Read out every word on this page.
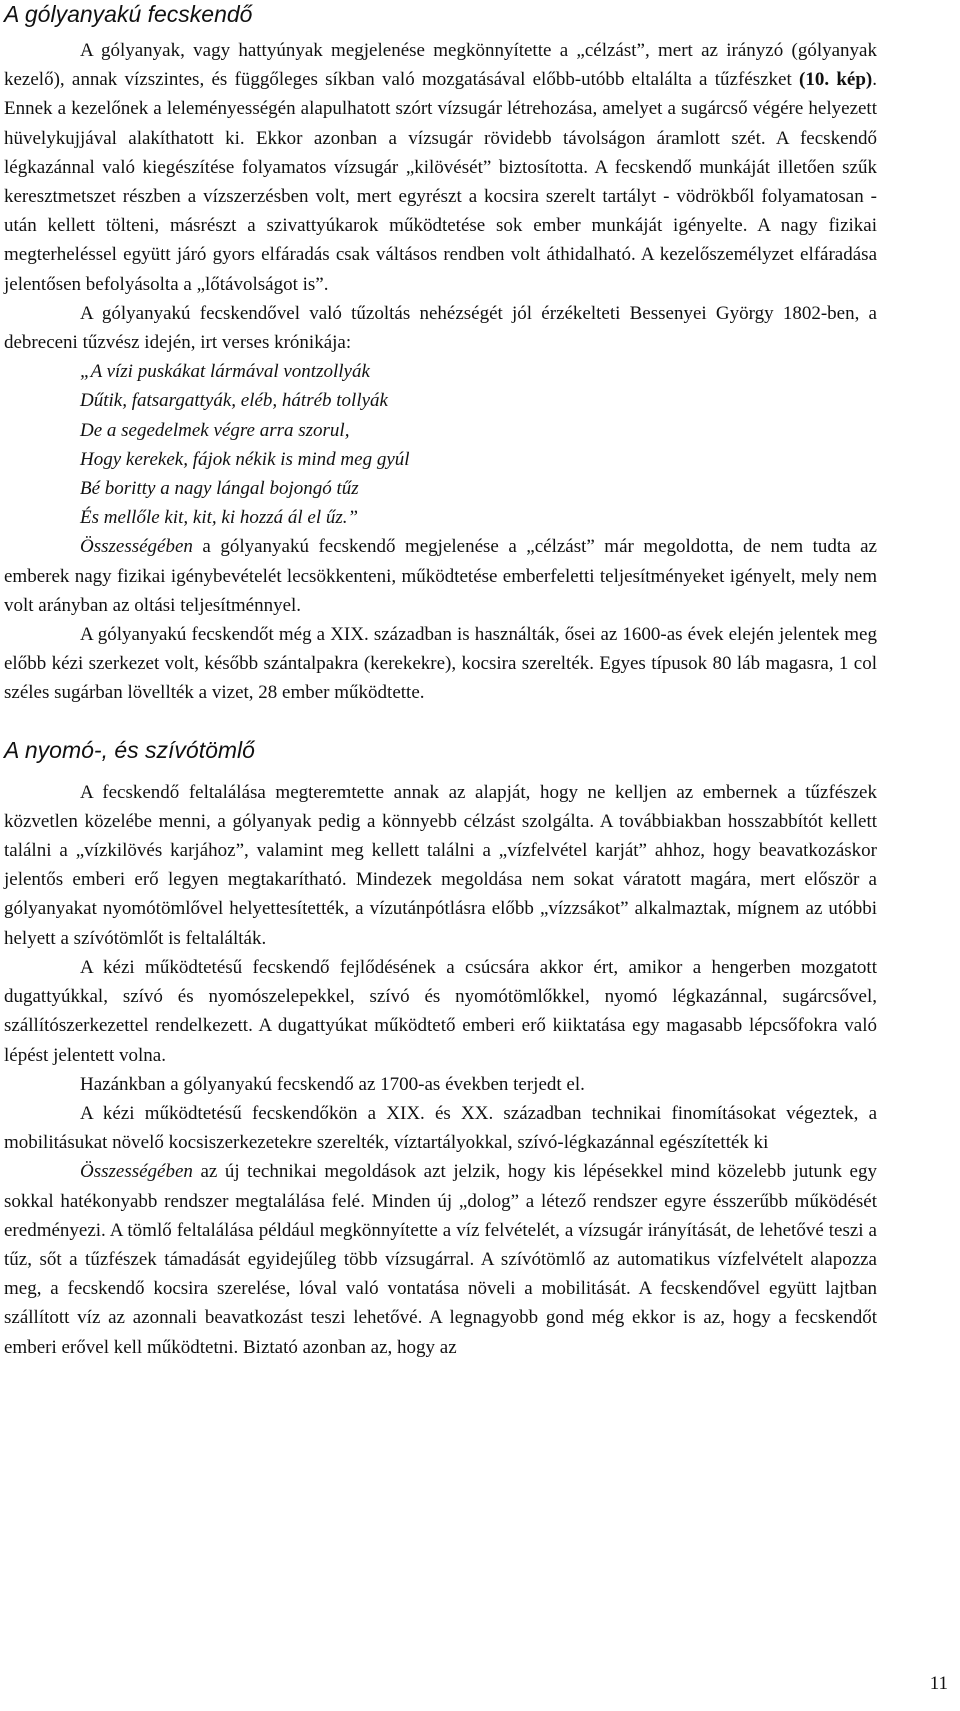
A gólyanyakú fecskendő

A gólyanyak, vagy hattyúnyak megjelenése megkönnyítette a „célzást”, mert az irányzó (gólyanyak kezelő), annak vízszintes, és függőleges síkban való mozgatásával előbb-utóbb eltalálta a tűzfészket (10. kép). Ennek a kezelőnek a leleményességén alapulhatott szórt vízsugár létrehozása, amelyet a sugárcső végére helyezett hüvelykujjával alakíthatott ki. Ekkor azonban a vízsugár rövidebb távolságon áramlott szét. A fecskendő légkazánnal való kiegészítése folyamatos vízsugár „kilövését” biztosította. A fecskendő munkáját illetően szűk keresztmetszet részben a vízszerzésben volt, mert egyrészt a kocsira szerelt tartályt - vödrökből folyamatosan - után kellett tölteni, másrészt a szivattyúkarok működtetése sok ember munkáját igényelte. A nagy fizikai megterheléssel együtt járó gyors elfáradás csak váltásos rendben volt áthidalható. A kezelőszemélyzet elfáradása jelentősen befolyásolta a „lőtávolságot is”.

A gólyanyakú fecskendővel való tűzoltás nehézségét jól érzékelteti Bessenyei György 1802-ben, a debreceni tűzvész idején, irt verses krónikája:

„A vízi puskákat lármával vontzollyák
Dűtik, fatsargattyák, eléb, hátréb tollyák
De a segedelmek végre arra szorul,
Hogy kerekek, fájok nékik is mind meg gyúl
Bé boritty a nagy lángal bojongó tűz
És mellőle kit, kit, ki hozzá ál el űz.”

Összességében a gólyanyakú fecskendő megjelenése a „célzást” már megoldotta, de nem tudta az emberek nagy fizikai igénybevételét lecsökkenteni, működtetése emberfeletti teljesítményeket igényelt, mely nem volt arányban az oltási teljesítménnyel.

A gólyanyakú fecskendőt még a XIX. században is használták, ősei az 1600-as évek elején jelentek meg előbb kézi szerkezet volt, később szántalpakra (kerekekre), kocsira szerelték. Egyes típusok 80 láb magasra, 1 col széles sugárban lövellték a vizet, 28 ember működtette.

A nyomó-, és szívótömlő

A fecskendő feltalálása megteremtette annak az alapját, hogy ne kelljen az embernek a tűzfészek közvetlen közelébe menni, a gólyanyak pedig a könnyebb célzást szolgálta. A továbbiakban hosszabbítót kellett találni a „vízkilövés karjához”, valamint meg kellett találni a „vízfelvétel karját” ahhoz, hogy beavatkozáskor jelentős emberi erő legyen megtakarítható. Mindezek megoldása nem sokat váratott magára, mert először a gólyanyakat nyomótömlővel helyettesítették, a vízutánpótlásra előbb „vízzsákot” alkalmaztak, mígnem az utóbbi helyett a szívótömlőt is feltalálták.

A kézi működtetésű fecskendő fejlődésének a csúcsára akkor ért, amikor a hengerben mozgatott dugattyúkkal, szívó és nyomószelepekkel, szívó és nyomótömlőkkel, nyomó légkazánnal, sugárcsővel, szállítószerkezettel rendelkezett. A dugattyúkat működtető emberi erő kiiktatása egy magasabb lépcsőfokra való lépést jelentett volna.

Hazánkban a gólyanyakú fecskendő az 1700-as években terjedt el.

A kézi működtetésű fecskendőkön a XIX. és XX. században technikai finomításokat végeztek, a mobilitásukat növelő kocsiszerkezetekre szerelték, víztartályokkal, szívó-légkazánnal egészítették ki

Összességében az új technikai megoldások azt jelzik, hogy kis lépésekkel mind közelebb jutunk egy sokkal hatékonyabb rendszer megtalálása felé. Minden új „dolog” a létező rendszer egyre ésszerűbb működését eredményezi. A tömlő feltalálása például megkönnyítette a víz felvételét, a vízsugár irányítását, de lehetővé teszi a tűz, sőt a tűzfészek támadását egyidejűleg több vízsugárral. A szívótömlő az automatikus vízfelvételt alapozza meg, a fecskendő kocsira szerelése, lóval való vontatása növeli a mobilitását. A fecskendővel együtt lajtban szállított víz az azonnali beavatkozást teszi lehetővé. A legnagyobb gond még ekkor is az, hogy a fecskendőt emberi erővel kell működtetni. Biztató azonban az, hogy az

11
